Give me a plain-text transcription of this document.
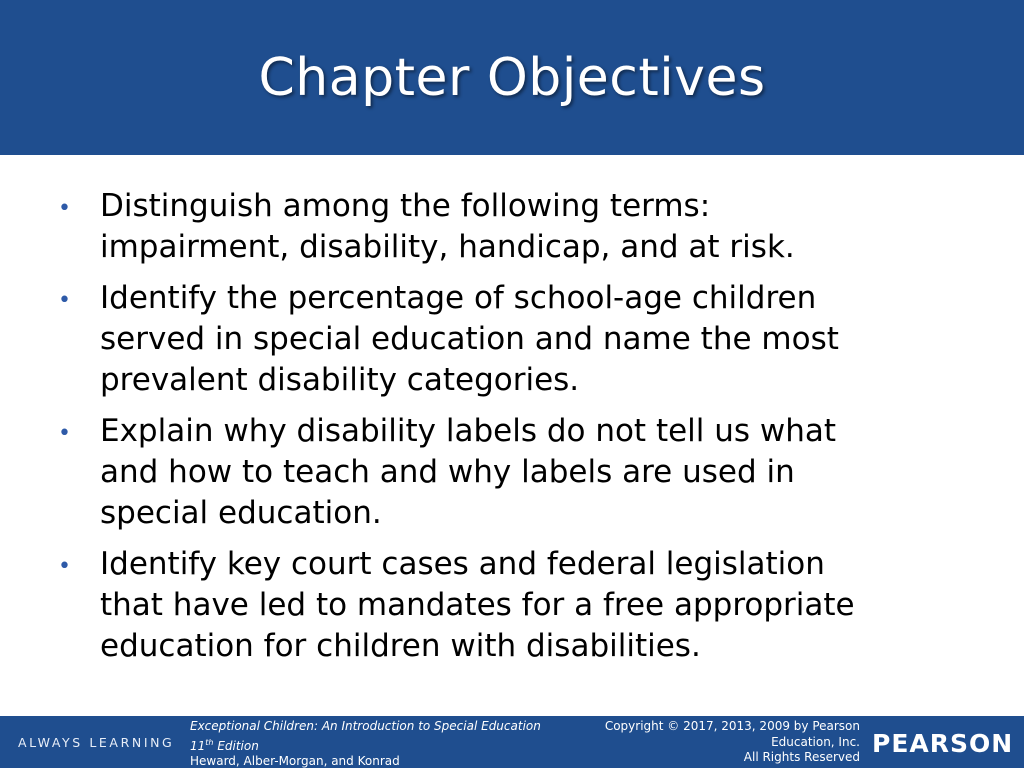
Chapter Objectives
• Distinguish among the following terms:
impairment, disability, handicap, and at risk.
• Identify the percentage of school-age children
served in special education and name the most
prevalent disability categories.
• Explain why disability labels do not tell us what
and how to teach and why labels are used in
special education.
• Identify key court cases and federal legislation
that have led to mandates for a free appropriate
education for children with disabilities.
ALWAYS LEARNING
Exceptional Children: An Introduction to Special Education
11th Edition
Heward, Alber-Morgan, and Konrad
Copyright © 2017, 2013, 2009 by Pearson
Education, Inc.
All Rights Reserved PEARSON
